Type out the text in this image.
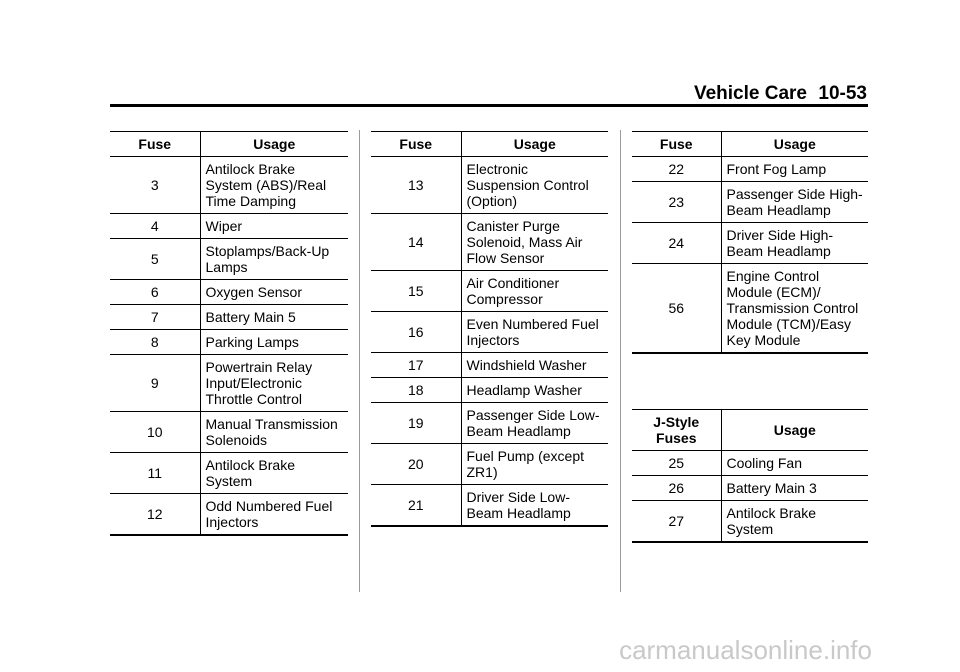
Vehicle Care 10-53
Fuse	Usage
3	Antilock Brake System (ABS)/Real Time Damping
4	Wiper
5	Stoplamps/Back-Up Lamps
6	Oxygen Sensor
7	Battery Main 5
8	Parking Lamps
9	Powertrain Relay Input/Electronic Throttle Control
10	Manual Transmission Solenoids
11	Antilock Brake System
12	Odd Numbered Fuel Injectors
Fuse	Usage
13	Electronic Suspension Control (Option)
14	Canister Purge Solenoid, Mass Air Flow Sensor
15	Air Conditioner Compressor
16	Even Numbered Fuel Injectors
17	Windshield Washer
18	Headlamp Washer
19	Passenger Side Low-Beam Headlamp
20	Fuel Pump (except ZR1)
21	Driver Side Low-Beam Headlamp
Fuse	Usage
22	Front Fog Lamp
23	Passenger Side High-Beam Headlamp
24	Driver Side High-Beam Headlamp
56	Engine Control Module (ECM)/ Transmission Control Module (TCM)/Easy Key Module
J-Style Fuses	Usage
25	Cooling Fan
26	Battery Main 3
27	Antilock Brake System
carmanualsonline.info
